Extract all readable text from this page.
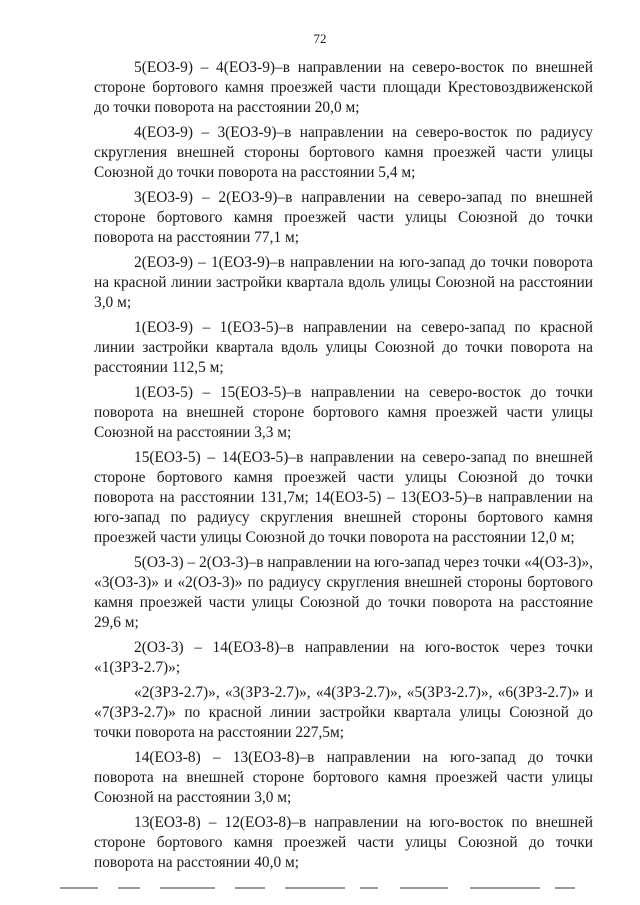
72

5(ЕОЗ-9) – 4(ЕОЗ-9)–в направлении на северо-восток по внешней стороне бортового камня проезжей части площади Крестовоздвиженской до точки поворота на расстоянии 20,0 м;

4(ЕОЗ-9) – 3(ЕОЗ-9)–в направлении на северо-восток по радиусу скругления внешней стороны бортового камня проезжей части улицы Союзной до точки поворота на расстоянии 5,4 м;

3(ЕОЗ-9) – 2(ЕОЗ-9)–в направлении на северо-запад по внешней стороне бортового камня проезжей части улицы Союзной до точки поворота на расстоянии 77,1 м;

2(ЕОЗ-9) – 1(ЕОЗ-9)–в направлении на юго-запад до точки поворота на красной линии застройки квартала вдоль улицы Союзной на расстоянии 3,0 м;

1(ЕОЗ-9) – 1(ЕОЗ-5)–в направлении на северо-запад по красной линии застройки квартала вдоль улицы Союзной до точки поворота на расстоянии 112,5 м;

1(ЕОЗ-5) – 15(ЕОЗ-5)–в направлении на северо-восток до точки поворота на внешней стороне бортового камня проезжей части улицы Союзной на расстоянии 3,3 м;

15(ЕОЗ-5) – 14(ЕОЗ-5)–в направлении на северо-запад по внешней стороне бортового камня проезжей части улицы Союзной до точки поворота на расстоянии 131,7м; 14(ЕОЗ-5) – 13(ЕОЗ-5)–в направлении на юго-запад по радиусу скругления внешней стороны бортового камня проезжей части улицы Союзной до точки поворота на расстоянии 12,0 м;

5(ОЗ-3) – 2(ОЗ-3)–в направлении на юго-запад через точки «4(ОЗ-3)», «3(ОЗ-3)» и «2(ОЗ-3)» по радиусу скругления внешней стороны бортового камня проезжей части улицы Союзной до точки поворота на расстояние 29,6 м;

2(ОЗ-3) – 14(ЕОЗ-8)–в направлении на юго-восток через точки «1(ЗРЗ-2.7)»;

«2(ЗРЗ-2.7)», «3(ЗРЗ-2.7)», «4(ЗРЗ-2.7)», «5(ЗРЗ-2.7)», «6(ЗРЗ-2.7)» и «7(ЗРЗ-2.7)» по красной линии застройки квартала улицы Союзной до точки поворота на расстоянии 227,5м;

14(ЕОЗ-8) – 13(ЕОЗ-8)–в направлении на юго-запад до точки поворота на внешней стороне бортового камня проезжей части улицы Союзной на расстоянии 3,0 м;

13(ЕОЗ-8) – 12(ЕОЗ-8)–в направлении на юго-восток по внешней стороне бортового камня проезжей части улицы Союзной до точки поворота на расстоянии 40,0 м;
